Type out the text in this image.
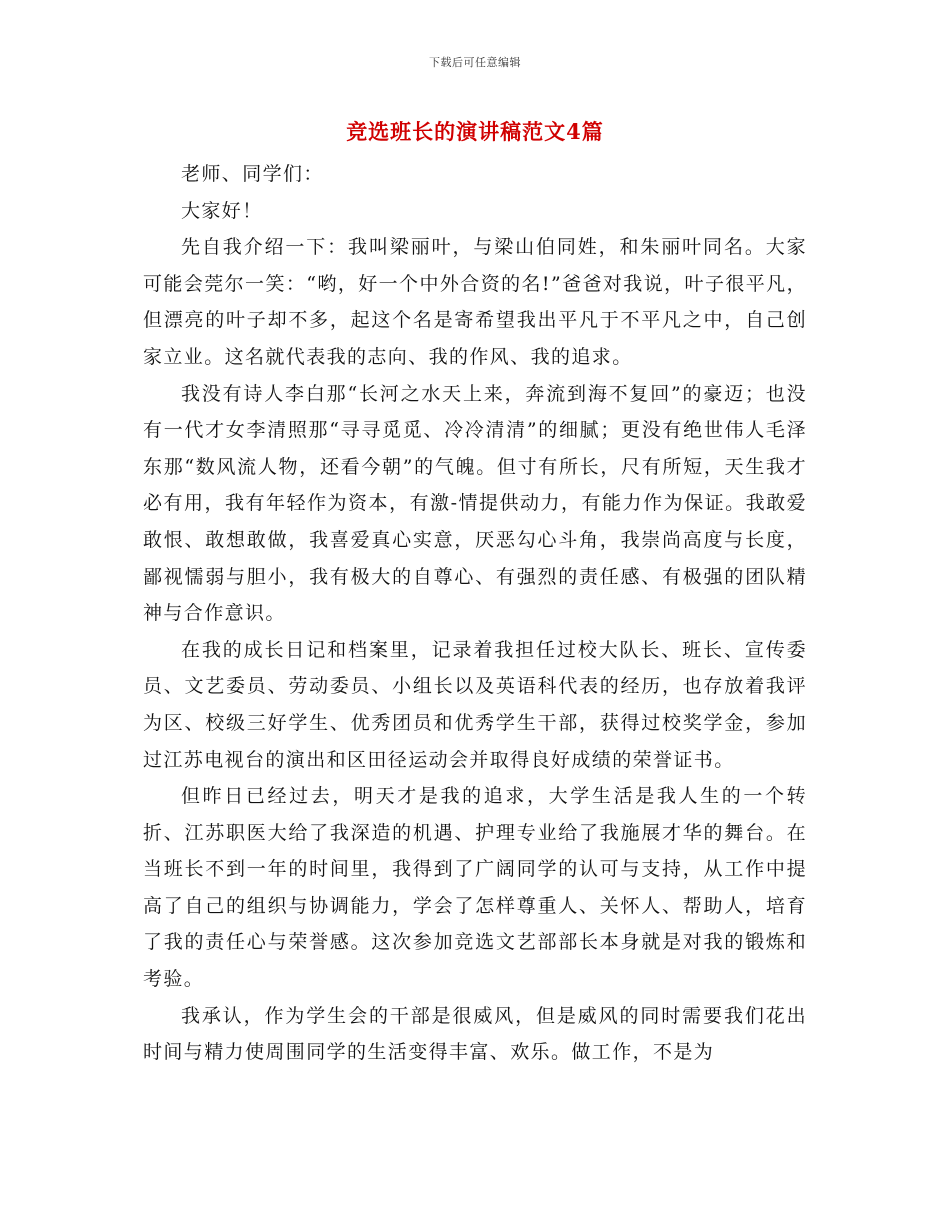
下载后可任意编辑
竞选班长的演讲稿范文4篇

老师、同学们：

大家好！

先自我介绍一下：我叫梁丽叶，与梁山伯同姓，和朱丽叶同名。大家可能会莞尔一笑：“哟，好一个中外合资的名!”爸爸对我说，叶子很平凡，但漂亮的叶子却不多，起这个名是寄希望我出平凡于不平凡之中，自己创家立业。这名就代表我的志向、我的作风、我的追求。

我没有诗人李白那“长河之水天上来，奔流到海不复回”的豪迈；也没有一代才女李清照那“寻寻觅觅、冷冷清清”的细腻；更没有绝世伟人毛泽东那“数风流人物，还看今朝”的气魄。但寸有所长，尺有所短，天生我才必有用，我有年轻作为资本，有激-情提供动力，有能力作为保证。我敢爱敢恨、敢想敢做，我喜爱真心实意，厌恶勾心斗角，我崇尚高度与长度，鄙视懦弱与胆小，我有极大的自尊心、有强烈的责任感、有极强的团队精神与合作意识。

在我的成长日记和档案里，记录着我担任过校大队长、班长、宣传委员、文艺委员、劳动委员、小组长以及英语科代表的经历，也存放着我评为区、校级三好学生、优秀团员和优秀学生干部，获得过校奖学金，参加过江苏电视台的演出和区田径运动会并取得良好成绩的荣誉证书。

但昨日已经过去，明天才是我的追求，大学生活是我人生的一个转折、江苏职医大给了我深造的机遇、护理专业给了我施展才华的舞台。在当班长不到一年的时间里，我得到了广阔同学的认可与支持，从工作中提高了自己的组织与协调能力，学会了怎样尊重人、关怀人、帮助人，培育了我的责任心与荣誉感。这次参加竞选文艺部部长本身就是对我的锻炼和考验。

我承认，作为学生会的干部是很威风，但是威风的同时需要我们花出时间与精力使周围同学的生活变得丰富、欢乐。做工作，不是为
